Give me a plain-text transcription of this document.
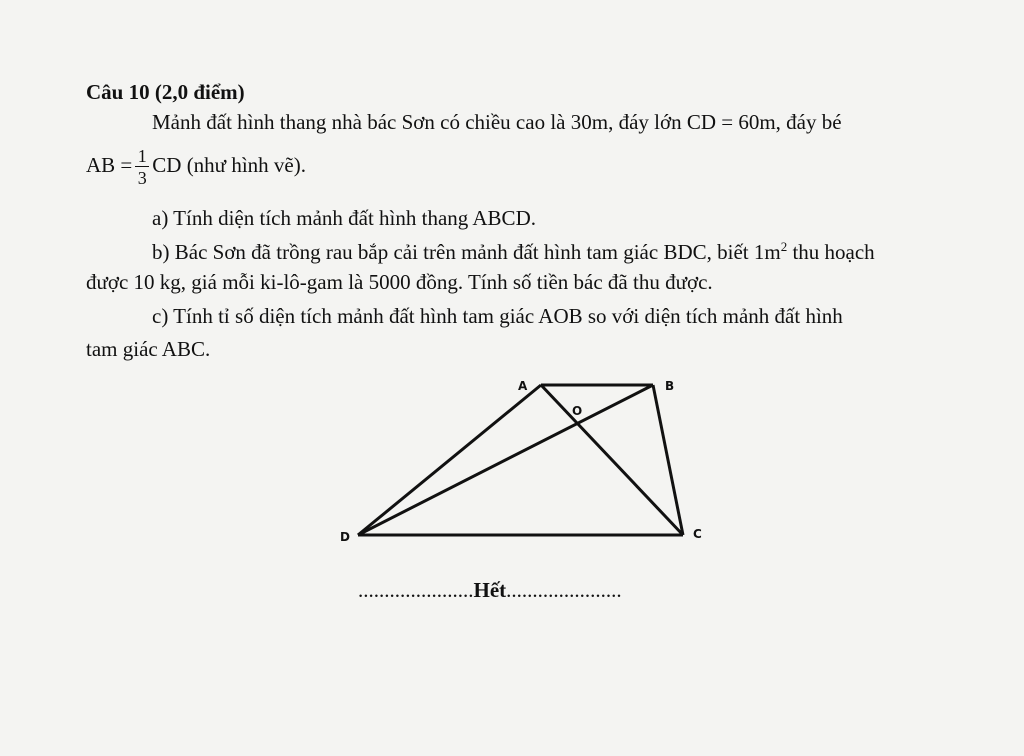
Câu 10 (2,0 điểm)
Mảnh đất hình thang nhà bác Sơn có chiều cao là 30m, đáy lớn CD = 60m, đáy bé
AB = $\frac{1}{3}$ CD (như hình vẽ).
a) Tính diện tích mảnh đất hình thang ABCD.
b) Bác Sơn đã trồng rau bắp cải trên mảnh đất hình tam giác BDC, biết $1m^2$ thu hoạch
được 10 kg, giá mỗi ki-lô-gam là 5000 đồng. Tính số tiền bác đã thu được.
c) Tính tỉ số diện tích mảnh đất hình tam giác AOB so với diện tích mảnh đất hình
tam giác ABC.
A	B
O
D	C
......................Hết......................
